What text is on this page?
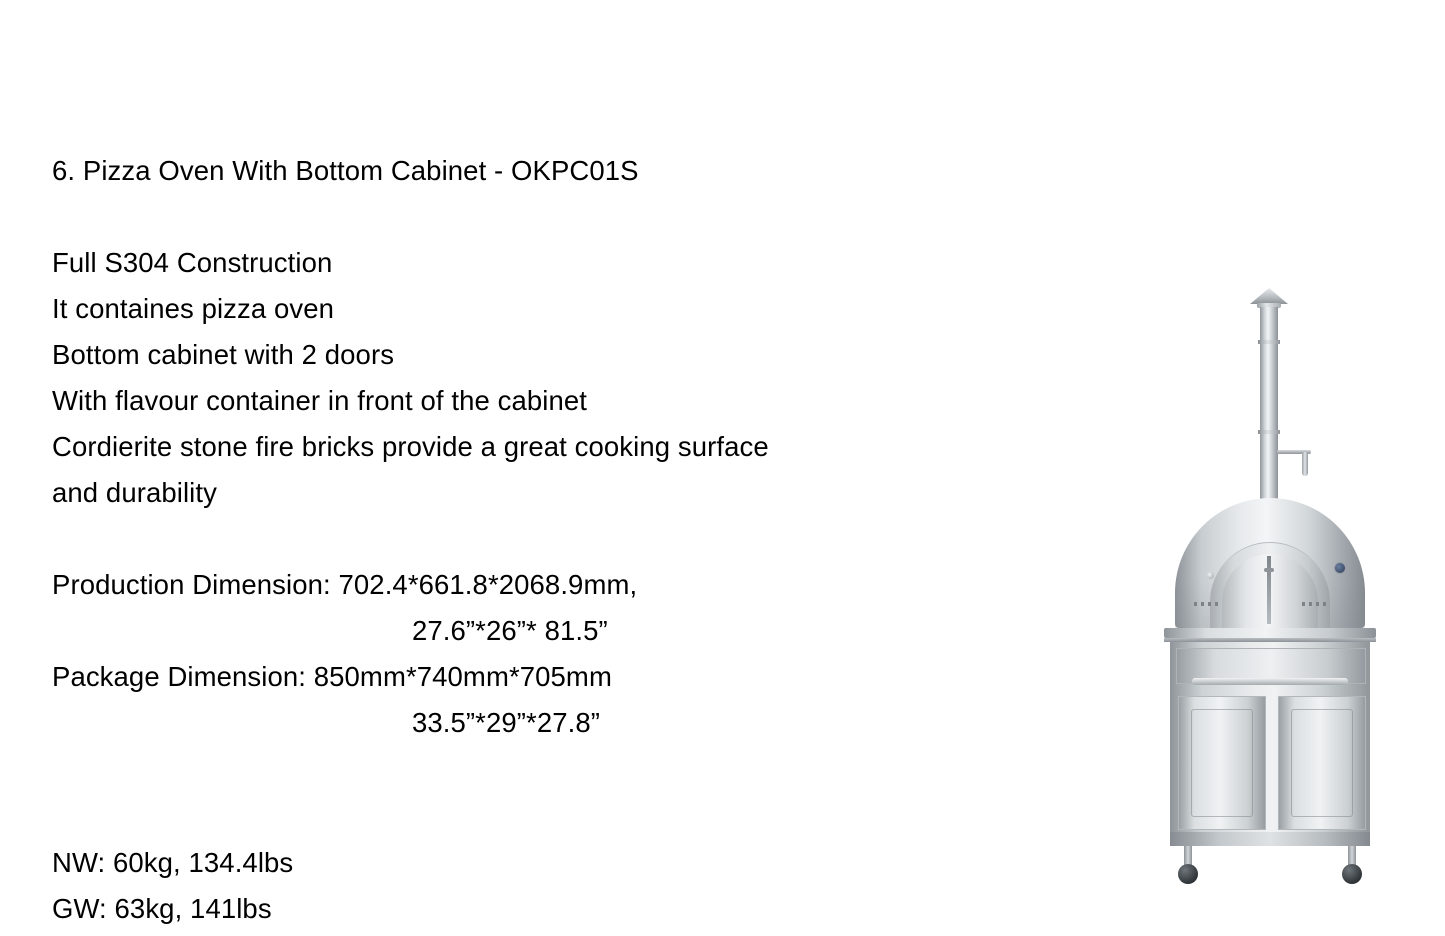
6. Pizza Oven With Bottom Cabinet - OKPC01S
Full S304 Construction
It containes pizza oven
Bottom cabinet with 2 doors
With flavour container in front of the cabinet
Cordierite stone fire bricks provide a great cooking surface
and durability
Production Dimension: 702.4*661.8*2068.9mm,
27.6”*26”* 81.5”
Package Dimension: 850mm*740mm*705mm
33.5”*29”*27.8”
NW: 60kg, 134.4lbs
GW: 63kg, 141lbs
